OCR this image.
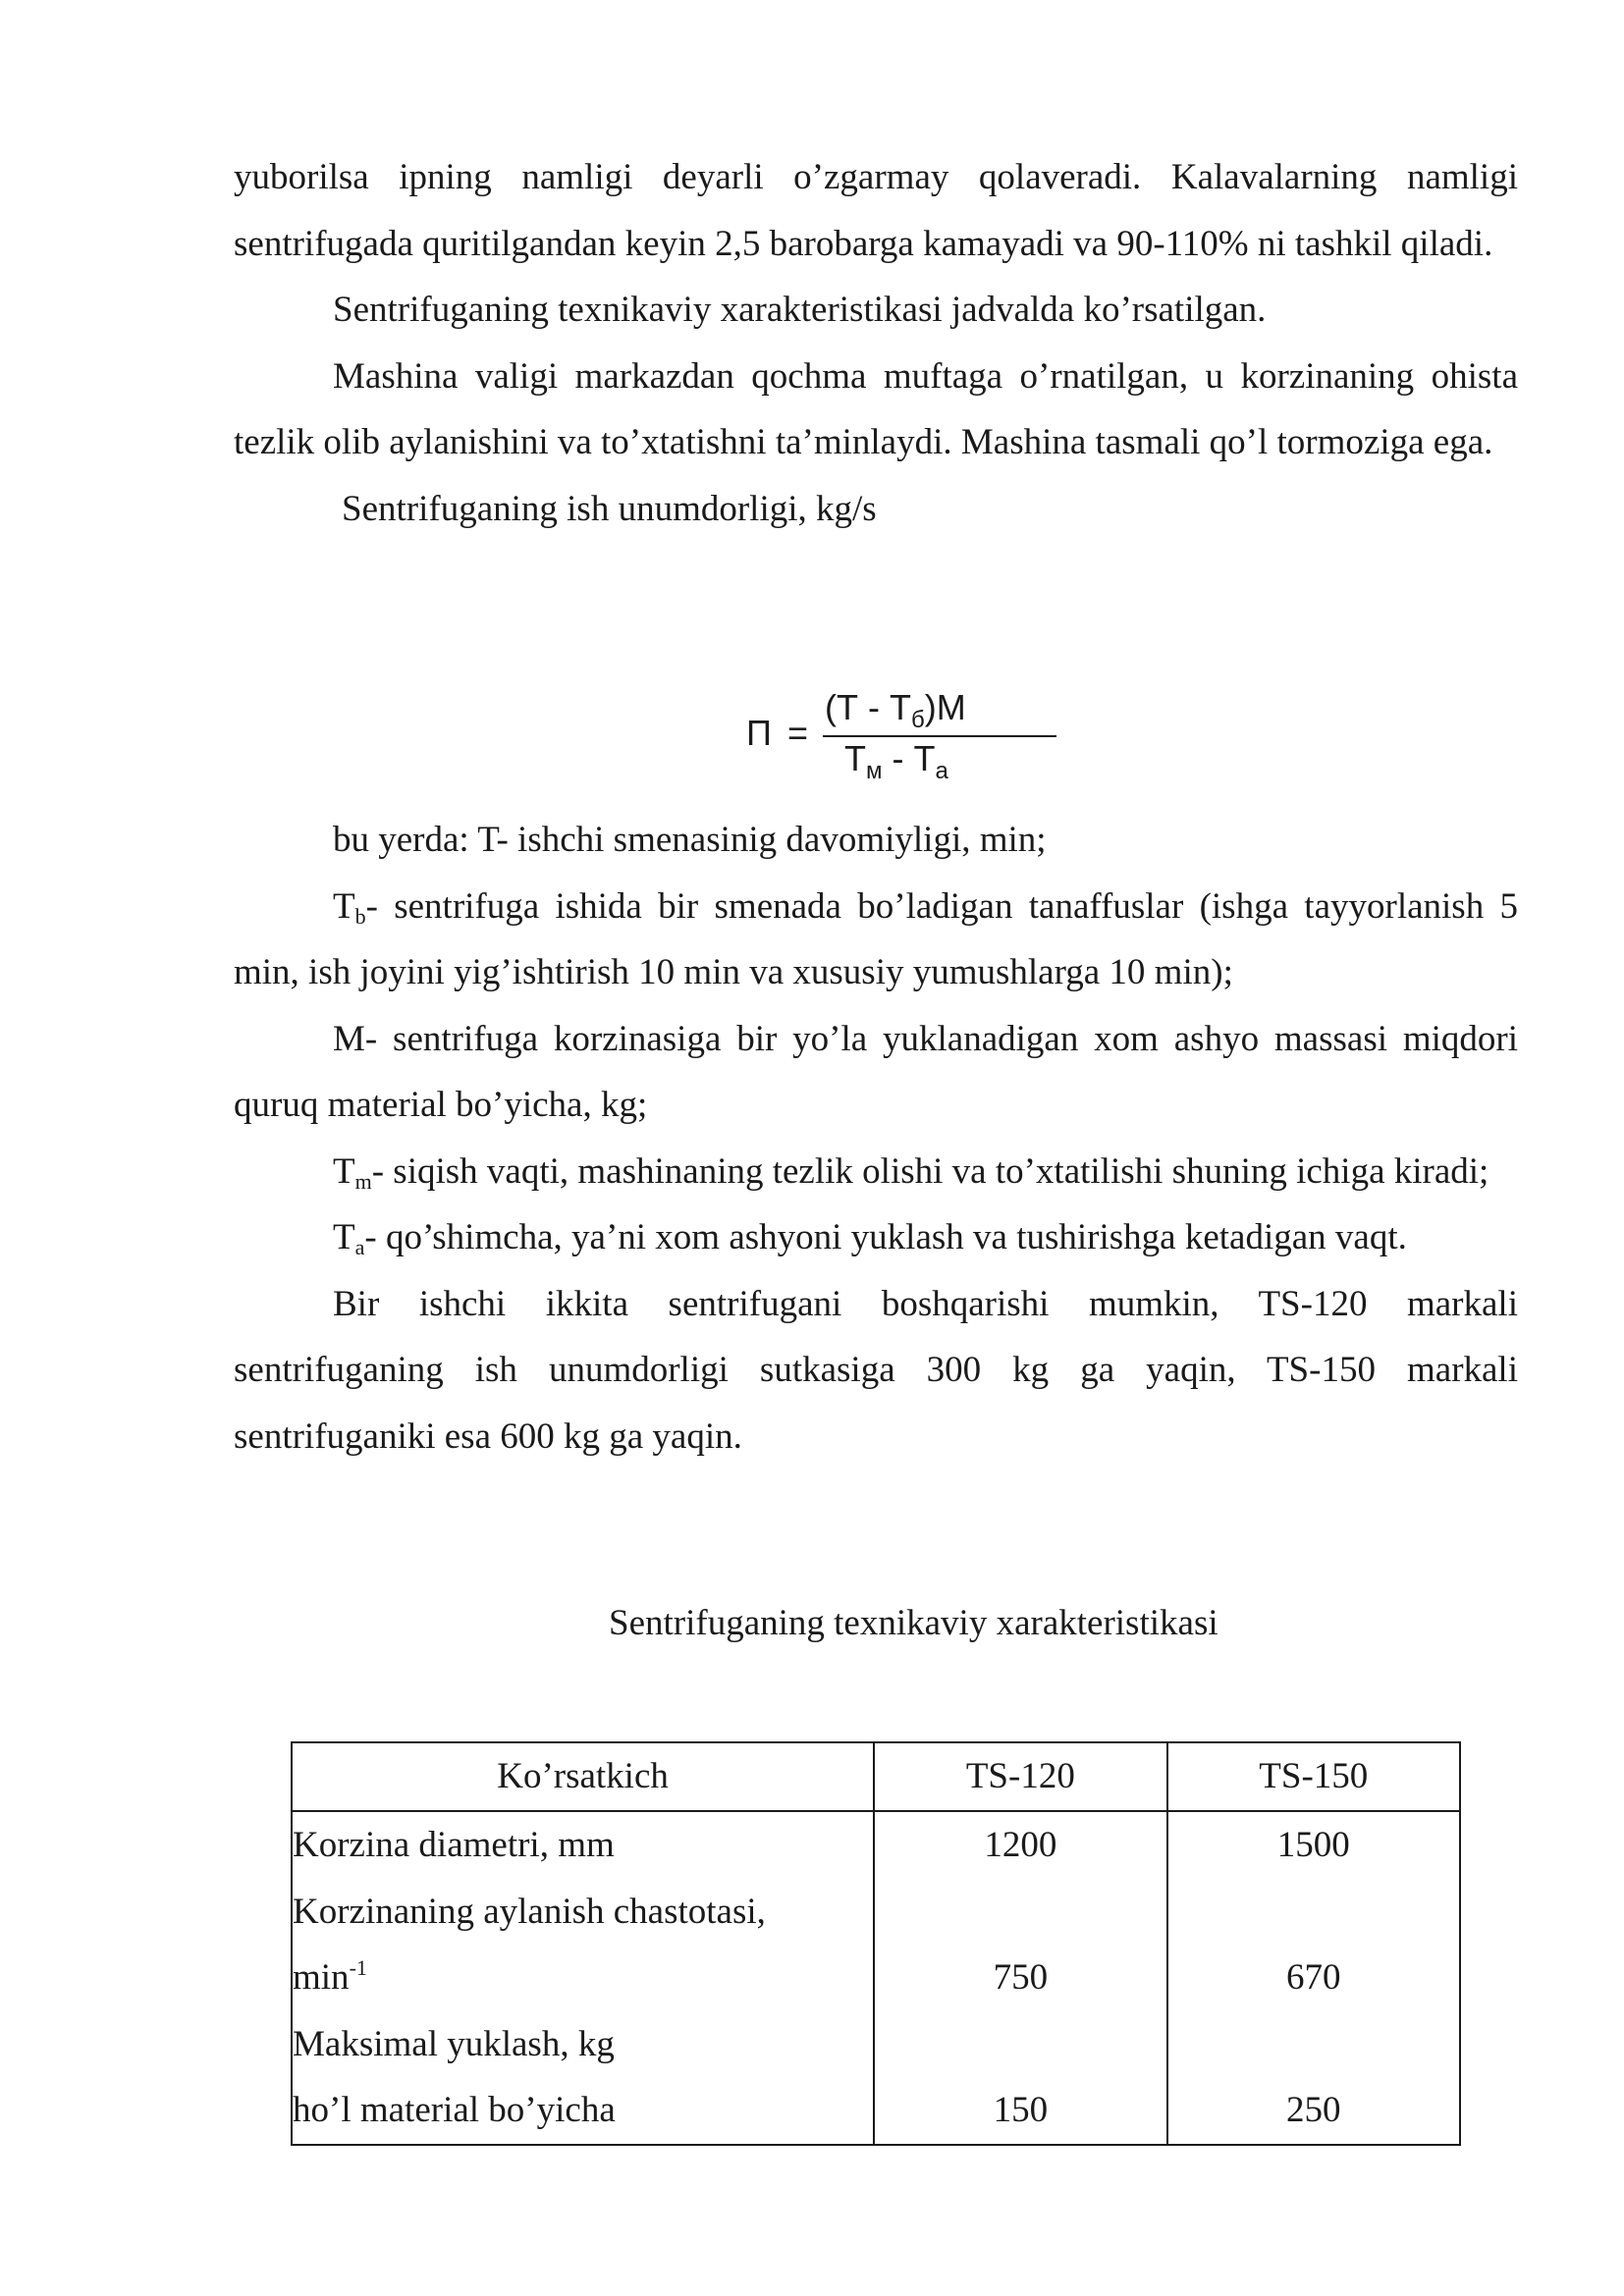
yuborilsa ipning namligi deyarli o’zgarmay qolaveradi. Kalavalarning namligi sentrifugada quritilgandan keyin 2,5 barobarga kamayadi va 90-110% ni tashkil qiladi.

Sentrifuganing texnikaviy xarakteristikasi jadvalda ko’rsatilgan.

Mashina valigi markazdan qochma muftaga o’rnatilgan, u korzinaning ohista tezlik olib aylanishini va to’xtatishni ta’minlaydi. Mashina tasmali qo’l tormoziga ega.

Sentrifuganing ish unumdorligi, kg/s

П =
$(Т - Т_б)М$
$Т_м - Т_а$

bu yerda: T- ishchi smenasinig davomiyligi, min;

$T_b-$ sentrifuga ishida bir smenada bo’ladigan tanaffuslar (ishga tayyorlanish 5 min, ish joyini yig’ishtirish 10 min va xususiy yumushlarga 10 min);

M- sentrifuga korzinasiga bir yo’la yuklanadigan xom ashyo massasi miqdori quruq material bo’yicha, kg;

$T_m-$ siqish vaqti, mashinaning tezlik olishi va to’xtatilishi shuning ichiga kiradi;

$T_a-$ qo’shimcha, ya’ni xom ashyoni yuklash va tushirishga ketadigan vaqt.

Bir ishchi ikkita sentrifugani boshqarishi mumkin, TS-120 markali sentrifuganing ish unumdorligi sutkasiga 300 kg ga yaqin, TS-150 markali sentrifuganiki esa 600 kg ga yaqin.

Sentrifuganing texnikaviy xarakteristikasi
Ko’rsatkich	TS-120	TS-150
Korzina diametri, mm	1200	1500
Korzinaning aylanish chastotasi,		
$\min^{-1}$	750	670
Maksimal yuklash, kg		
ho’l material bo’yicha	150	250
